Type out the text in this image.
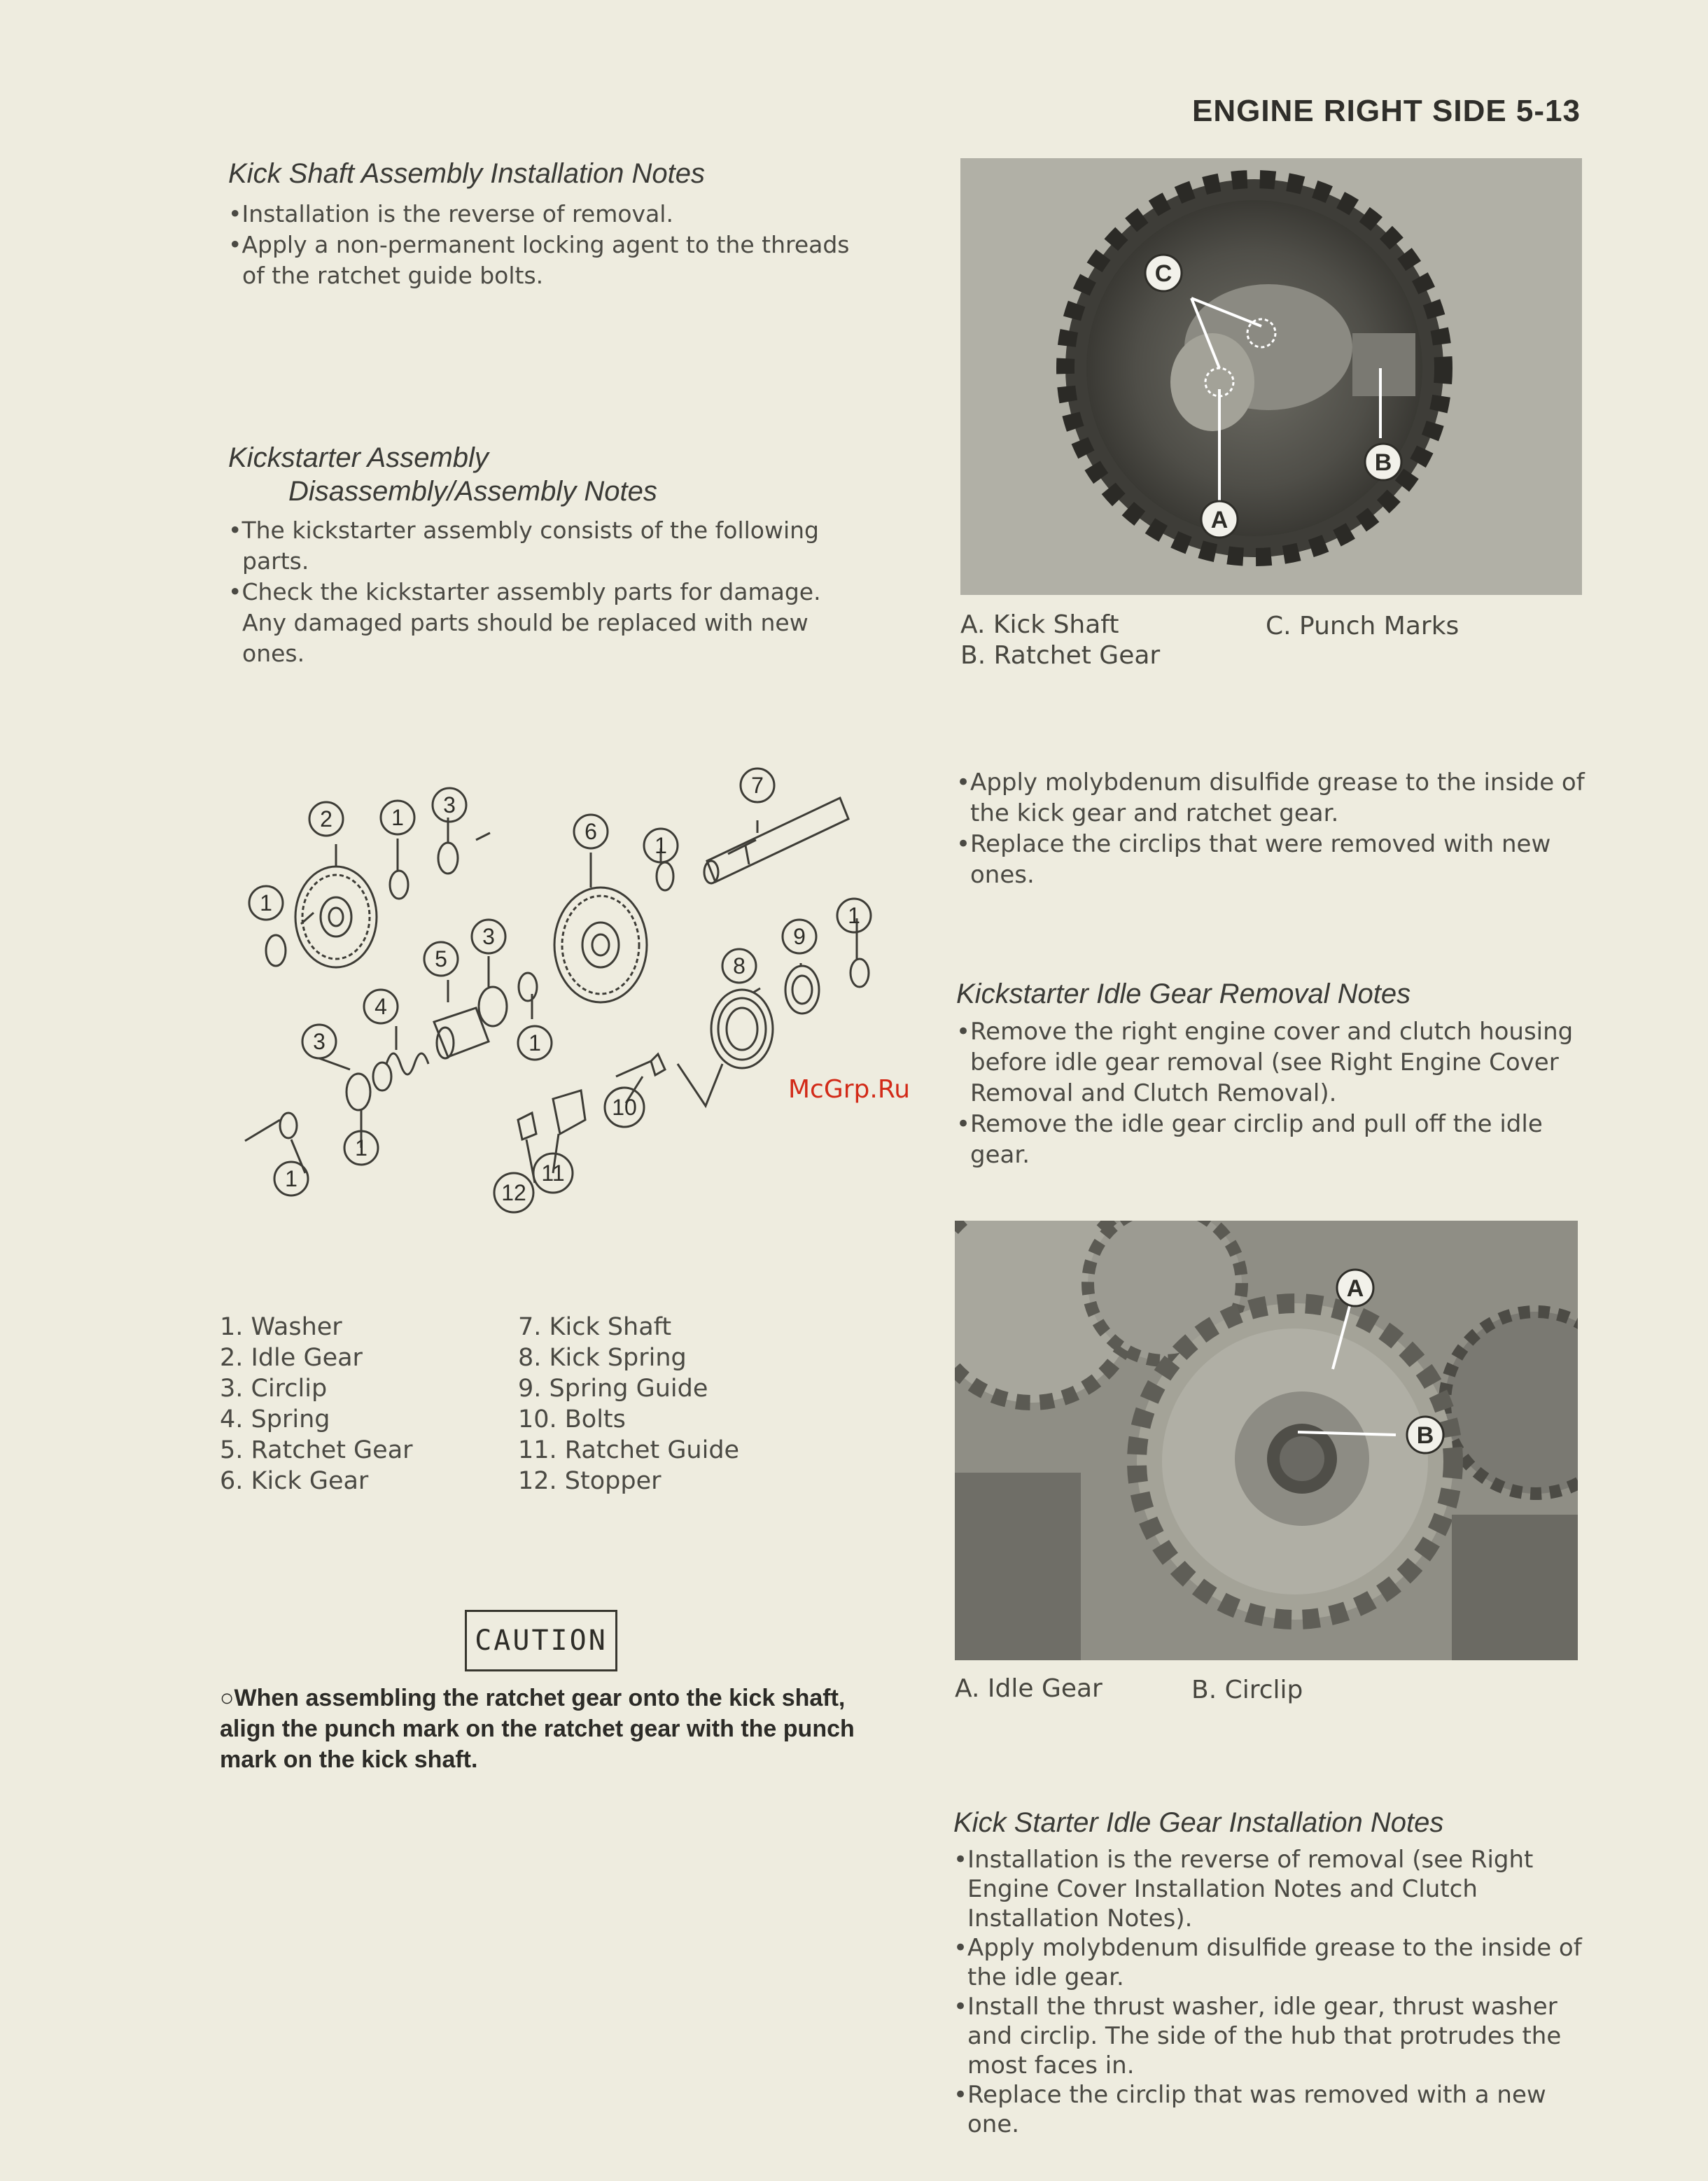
ENGINE RIGHT SIDE 5-13
Kick Shaft Assembly Installation Notes

•Installation is the reverse of removal.

•Apply a non-permanent locking agent to the threads of the ratchet guide bolts.

Kickstarter Assembly
Disassembly/Assembly Notes

•The kickstarter assembly consists of the following parts.

•Check the kickstarter assembly parts for damage. Any damaged parts should be replaced with new ones.

2	1 3
6
1
7
1
5
3
4
3	1
1
8
9
1
1
10
12
11
1. Washer
2. Idle Gear
3. Circlip
4. Spring
5. Ratchet Gear
6. Kick Gear
7. Kick Shaft
8. Kick Spring
9. Spring Guide
10. Bolts
11. Ratchet Guide
12. Stopper
CAUTION
○When assembling the ratchet gear onto the kick shaft, align the punch mark on the ratchet gear with the punch mark on the kick shaft.
McGrp.Ru
C
B
A
A. Kick Shaft
B. Ratchet Gear
C. Punch Marks

•Apply molybdenum disulfide grease to the inside of the kick gear and ratchet gear.

•Replace the circlips that were removed with new ones.

Kickstarter Idle Gear Removal Notes

•Remove the right engine cover and clutch housing before idle gear removal (see Right Engine Cover Removal and Clutch Removal).

•Remove the idle gear circlip and pull off the idle gear.

A
B
A. Idle Gear	B. Circlip
Kick Starter Idle Gear Installation Notes

•Installation is the reverse of removal (see Right Engine Cover Installation Notes and Clutch Installation Notes).

•Apply molybdenum disulfide grease to the inside of the idle gear.

•Install the thrust washer, idle gear, thrust washer and circlip. The side of the hub that protrudes the most faces in.

•Replace the circlip that was removed with a new one.
